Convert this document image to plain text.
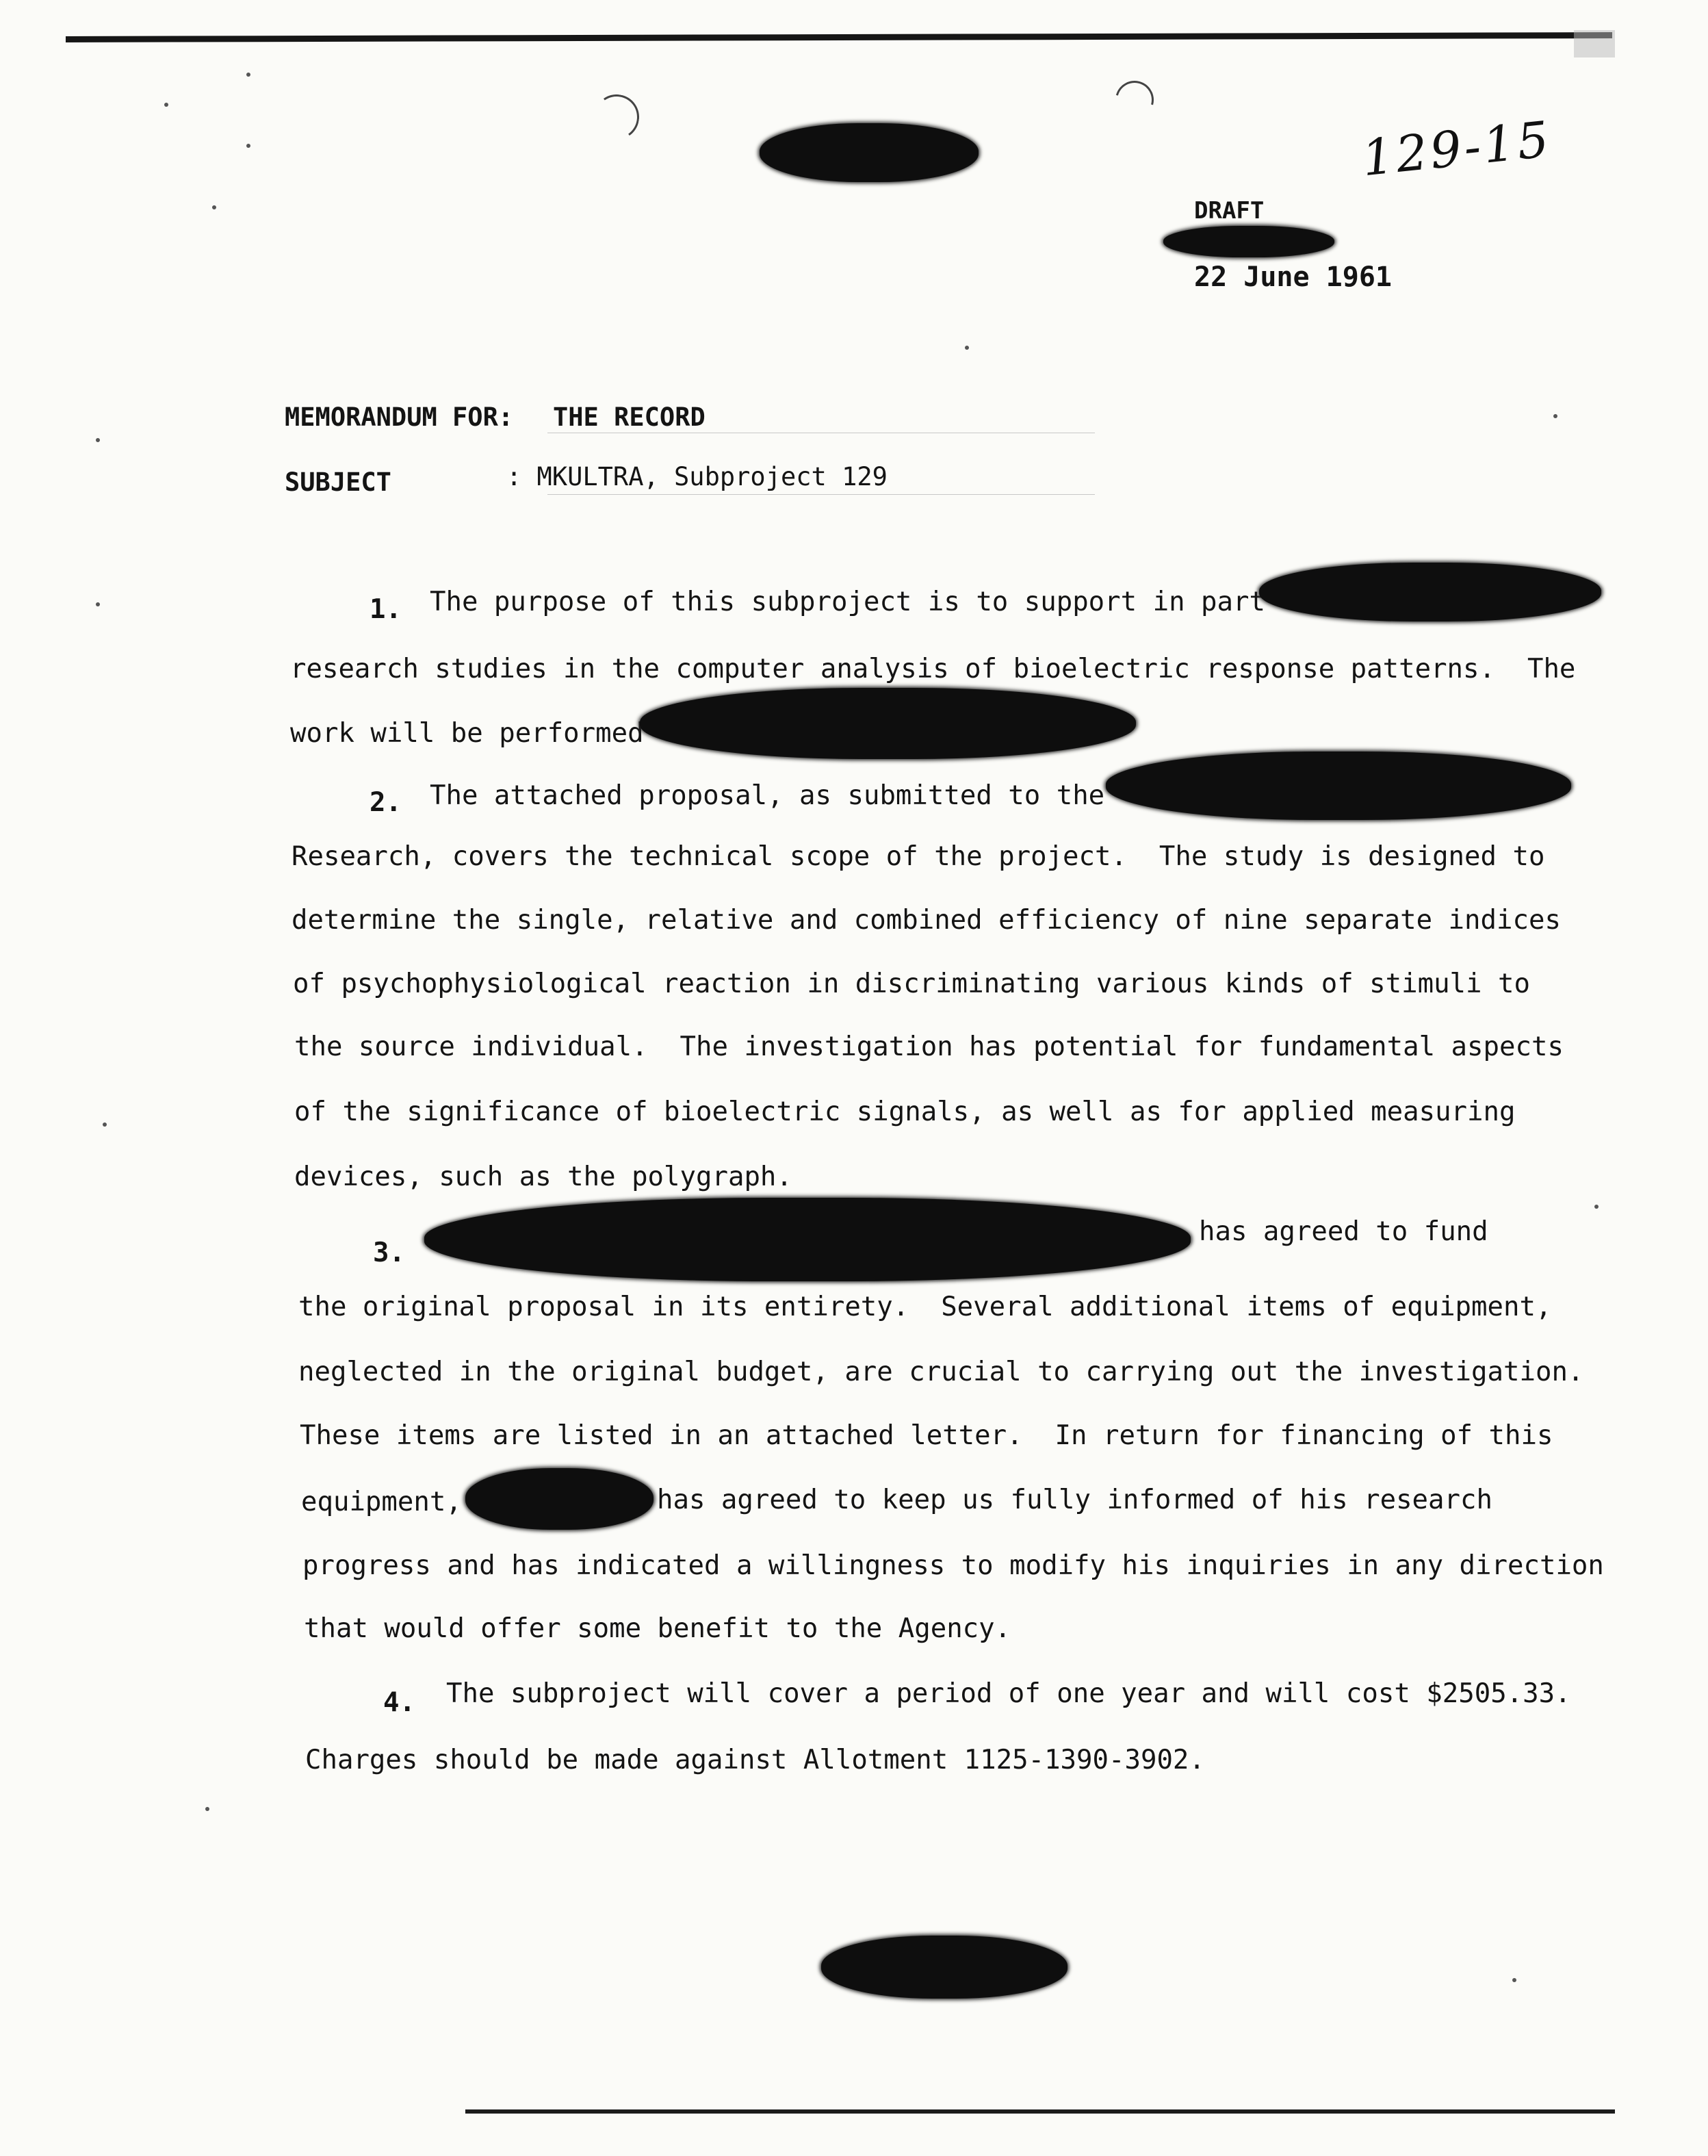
129-15
DRAFT
22 June 1961
MEMORANDUM FOR: THE RECORD
SUBJECT	: MKULTRA, Subproject 129
1. The purpose of this subproject is to support in part
research studies in the computer analysis of bioelectric response patterns.  The
work will be performed
2. The attached proposal, as submitted to the
Research, covers the technical scope of the project.  The study is designed to
determine the single, relative and combined efficiency of nine separate indices
of psychophysiological reaction in discriminating various kinds of stimuli to
the source individual.  The investigation has potential for fundamental aspects
of the significance of bioelectric signals, as well as for applied measuring
devices, such as the polygraph.
3.
has agreed to fund
the original proposal in its entirety.  Several additional items of equipment,
neglected in the original budget, are crucial to carrying out the investigation.
These items are listed in an attached letter.  In return for financing of this
equipment,	has agreed to keep us fully informed of his research
progress and has indicated a willingness to modify his inquiries in any direction
that would offer some benefit to the Agency.
4. The subproject will cover a period of one year and will cost $2505.33.
Charges should be made against Allotment 1125-1390-3902.
